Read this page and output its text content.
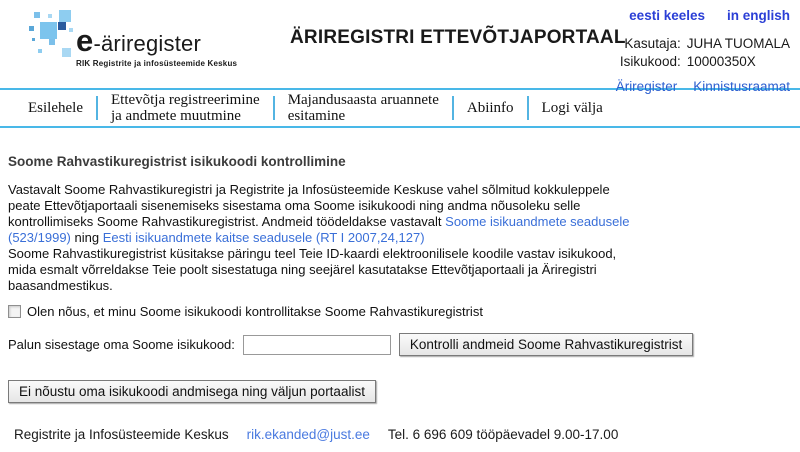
e-äriregister
RIK Registrite ja infosüsteemide Keskus
ÄRIREGISTRI ETTEVÕTJAPORTAAL
eesti keeles in english
Kasutaja: JUHA TUOMALA
Isikukood: 10000350X
Äriregister Kinnistusraamat
Esilehele
Ettevõtja registreerimine
ja andmete muutmine
Majandusaasta aruannete
esitamine
Abiinfo Logi välja
Soome Rahvastikuregistrist isikukoodi kontrollimine
Vastavalt Soome Rahvastikuregistri ja Registrite ja Infosüsteemide Keskuse vahel sõlmitud kokkuleppele peate Ettevõtjaportaali sisenemiseks sisestama oma Soome isikukoodi ning andma nõusoleku selle kontrollimiseks Soome Rahvastikuregistrist. Andmeid töödeldakse vastavalt Soome isikuandmete seadusele (523/1999) ning Eesti isikuandmete kaitse seadusele (RT I 2007,24,127)
Soome Rahvastikuregistrist küsitakse päringu teel Teie ID-kaardi elektroonilisele koodile vastav isikukood, mida esmalt võrreldakse Teie poolt sisestatuga ning seejärel kasutatakse Ettevõtjaportaali ja Äriregistri baasandmestikus.
Olen nõus, et minu Soome isikukoodi kontrollitakse Soome Rahvastikuregistrist
Palun sisestage oma Soome isikukood:	Kontrolli andmeid Soome Rahvastikuregistrist
Ei nõustu oma isikukoodi andmisega ning väljun portaalist
Registrite ja Infosüsteemide Keskus rik.ekanded@just.ee Tel. 6 696 609 tööpäevadel 9.00-17.00
